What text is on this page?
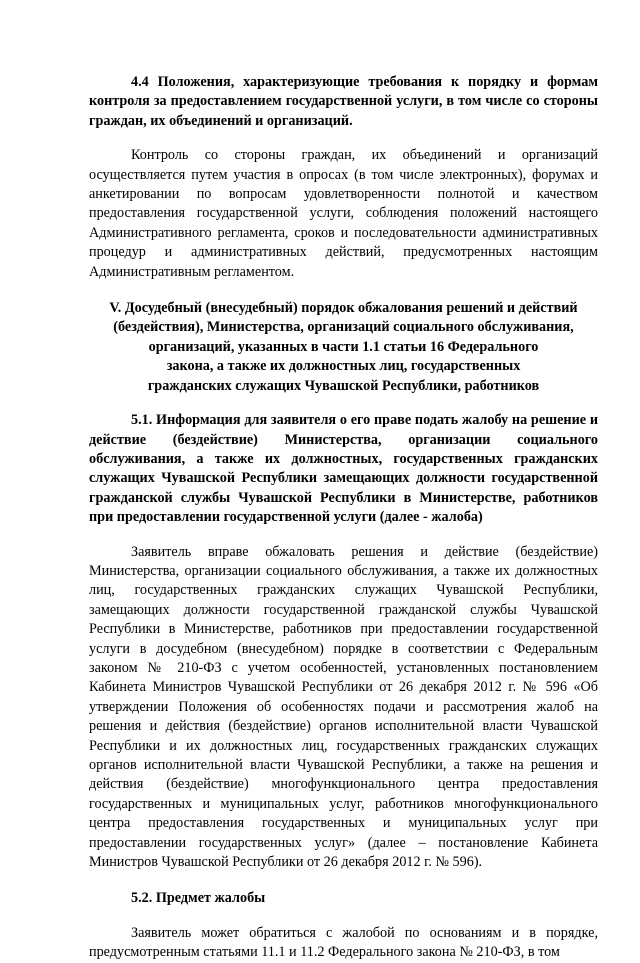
4.4 Положения, характеризующие требования к порядку и формам контроля за предоставлением государственной услуги, в том числе со стороны граждан, их объединений и организаций.

Контроль со стороны граждан, их объединений и организаций осуществляется путем участия в опросах (в том числе электронных), форумах и анкетировании по вопросам удовлетворенности полнотой и качеством предоставления государственной услуги, соблюдения положений настоящего Административного регламента, сроков и последовательности административных процедур и административных действий, предусмотренных настоящим Административным регламентом.

V. Досудебный (внесудебный) порядок обжалования решений и действий

(бездействия), Министерства, организаций социального обслуживания,

организаций, указанных в части 1.1 статьи 16 Федерального

закона, а также их должностных лиц, государственных

гражданских служащих Чувашской Республики, работников

5.1. Информация для заявителя о его праве подать жалобу на решение и действие (бездействие) Министерства, организации социального обслуживания, а также их должностных, государственных гражданских служащих Чувашской Республики замещающих должности государственной гражданской службы Чувашской Республики в Министерстве, работников при предоставлении государственной услуги (далее - жалоба)

Заявитель вправе обжаловать решения и действие (бездействие) Министерства, организации социального обслуживания, а также их должностных лиц, государственных гражданских служащих Чувашской Республики, замещающих должности государственной гражданской службы Чувашской Республики в Министерстве, работников при предоставлении государственной услуги в досудебном (внесудебном) порядке в соответствии с Федеральным законом № 210-ФЗ с учетом особенностей, установленных постановлением Кабинета Министров Чувашской Республики от 26 декабря 2012 г. № 596 «Об утверждении Положения об особенностях подачи и рассмотрения жалоб на решения и действия (бездействие) органов исполнительной власти Чувашской Республики и их должностных лиц, государственных гражданских служащих органов исполнительной власти Чувашской Республики, а также на решения и действия (бездействие) многофункционального центра предоставления государственных и муниципальных услуг, работников многофункционального центра предоставления государственных и муниципальных услуг при предоставлении государственных услуг» (далее – постановление Кабинета Министров Чувашской Республики от 26 декабря 2012 г. № 596).

5.2. Предмет жалобы

Заявитель может обратиться с жалобой по основаниям и в порядке, предусмотренным статьями 11.1 и 11.2 Федерального закона № 210-ФЗ, в том
